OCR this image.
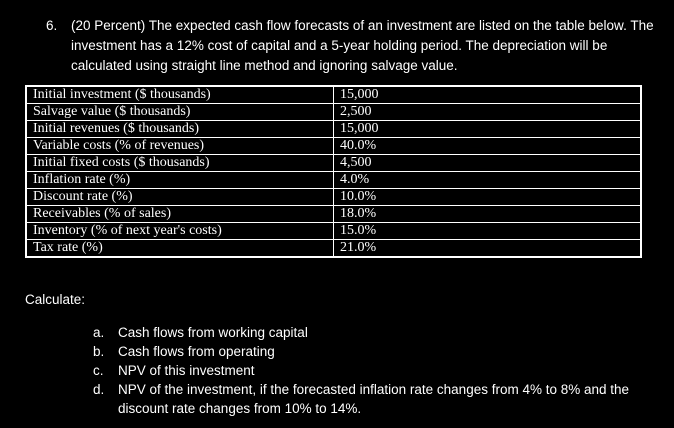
6.	(20 Percent) The expected cash flow forecasts of an investment are listed on the table below. The investment has a 12% cost of capital and a 5-year holding period. The depreciation will be calculated using straight line method and ignoring salvage value.
Initial investment ($ thousands)	15,000
Salvage value ($ thousands)	2,500
Initial revenues ($ thousands)	15,000
Variable costs (% of revenues)	40.0%
Initial fixed costs ($ thousands)	4,500
Inflation rate (%)	4.0%
Discount rate (%)	10.0%
Receivables (% of sales)	18.0%
Inventory (% of next year's costs)	15.0%
Tax rate (%)	21.0%
Calculate:
a. Cash flows from working capital
b. Cash flows from operating
c. NPV of this investment
d. NPV of the investment, if the forecasted inflation rate changes from 4% to 8% and the discount rate changes from 10% to 14%.
